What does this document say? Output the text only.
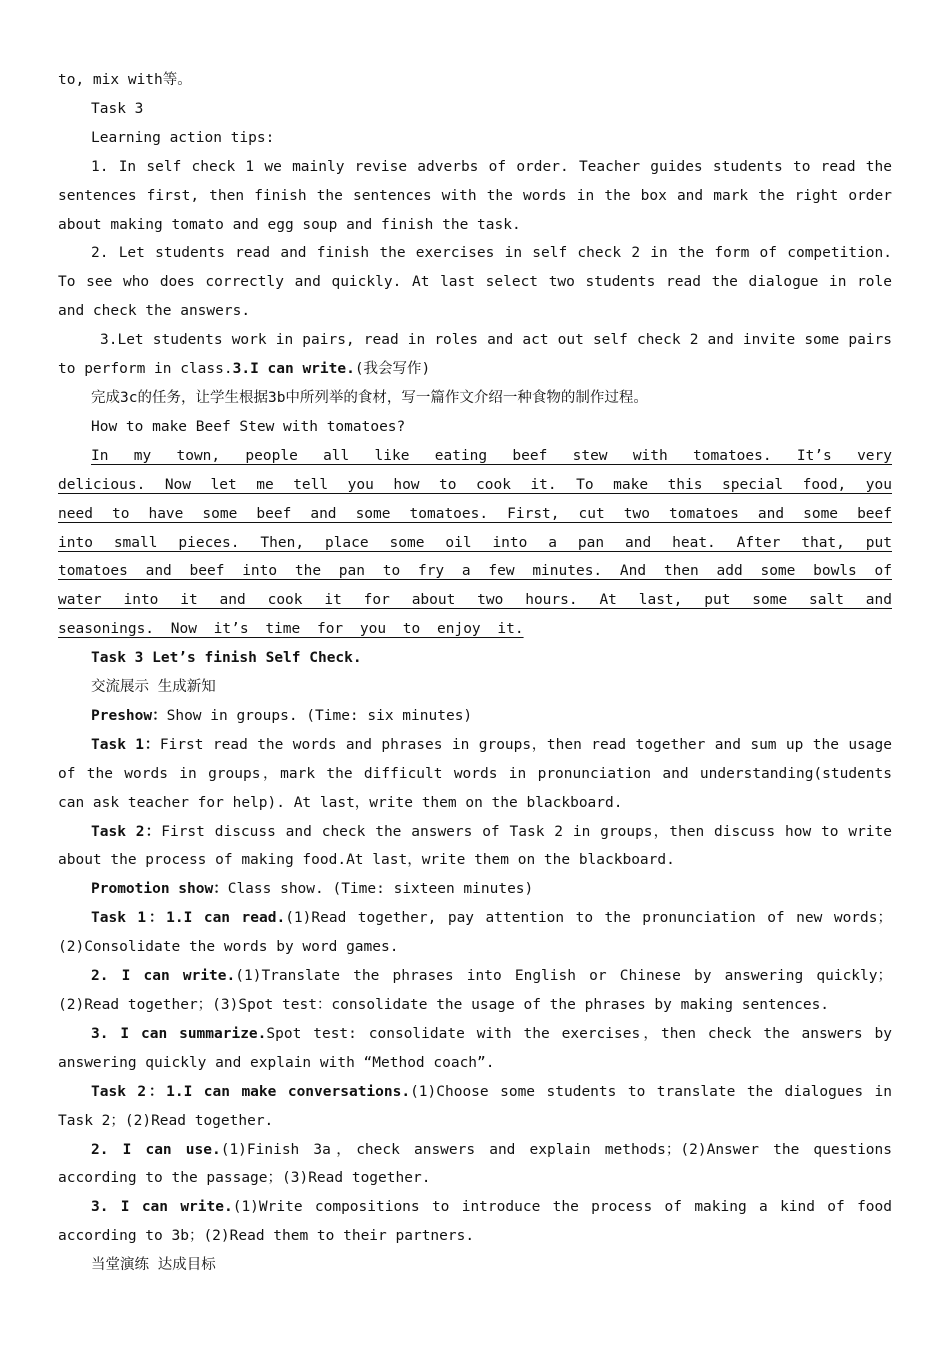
to, mix with等。

Task 3

Learning action tips:

1. In self check 1 we mainly revise adverbs of order. Teacher guides students to read the sentences first, then finish the sentences with the words in the box and mark the right order about making tomato and egg soup and finish the task.

2. Let students read and finish the exercises in self check 2 in the form of competition. To see who does correctly and quickly. At last select two students read the dialogue in role and check the answers.

3.Let students work in pairs, read in roles and act out self check 2 and invite some pairs to perform in class.3.I can write.(我会写作)

完成3c的任务，让学生根据3b中所列举的食材，写一篇作文介绍一种食物的制作过程。

How to make Beef Stew with tomatoes?

In my town, people all like eating beef stew with tomatoes. It’s very delicious. Now let me tell you how to cook it. To make this special food, you need to have some beef and some tomatoes. First, cut two tomatoes and some beef into small pieces. Then, place some oil into a pan and heat. After that, put tomatoes and beef into the pan to fry a few minutes. And then add some bowls of water into it and cook it for about two hours. At last, put some salt and seasonings. Now it’s time for you to enjoy it.

Task 3 Let’s finish Self Check.

交流展示 生成新知

Preshow：Show in groups. (Time: six minutes)

Task 1：First read the words and phrases in groups，then read together and sum up the usage of the words in groups，mark the difficult words in pronunciation and understanding(students can ask teacher for help). At last，write them on the blackboard.

Task 2：First discuss and check the answers of Task 2 in groups，then discuss how to write about the process of making food.At last，write them on the blackboard.

Promotion show：Class show. (Time: sixteen minutes)

Task 1：1.I can read.(1)Read together, pay attention to the pronunciation of new words；(2)Consolidate the words by word games.

2. I can write.(1)Translate the phrases into English or Chinese by answering quickly；(2)Read together；(3)Spot test：consolidate the usage of the phrases by making sentences.

3. I can summarize.Spot test: consolidate with the exercises，then check the answers by answering quickly and explain with “Method coach”.

Task 2：1.I can make conversations.(1)Choose some students to translate the dialogues in Task 2；(2)Read together.

2. I can use.(1)Finish 3a，check answers and explain methods；(2)Answer the questions according to the passage；(3)Read together.

3. I can write.(1)Write compositions to introduce the process of making a kind of food according to 3b；(2)Read them to their partners.

当堂演练 达成目标
